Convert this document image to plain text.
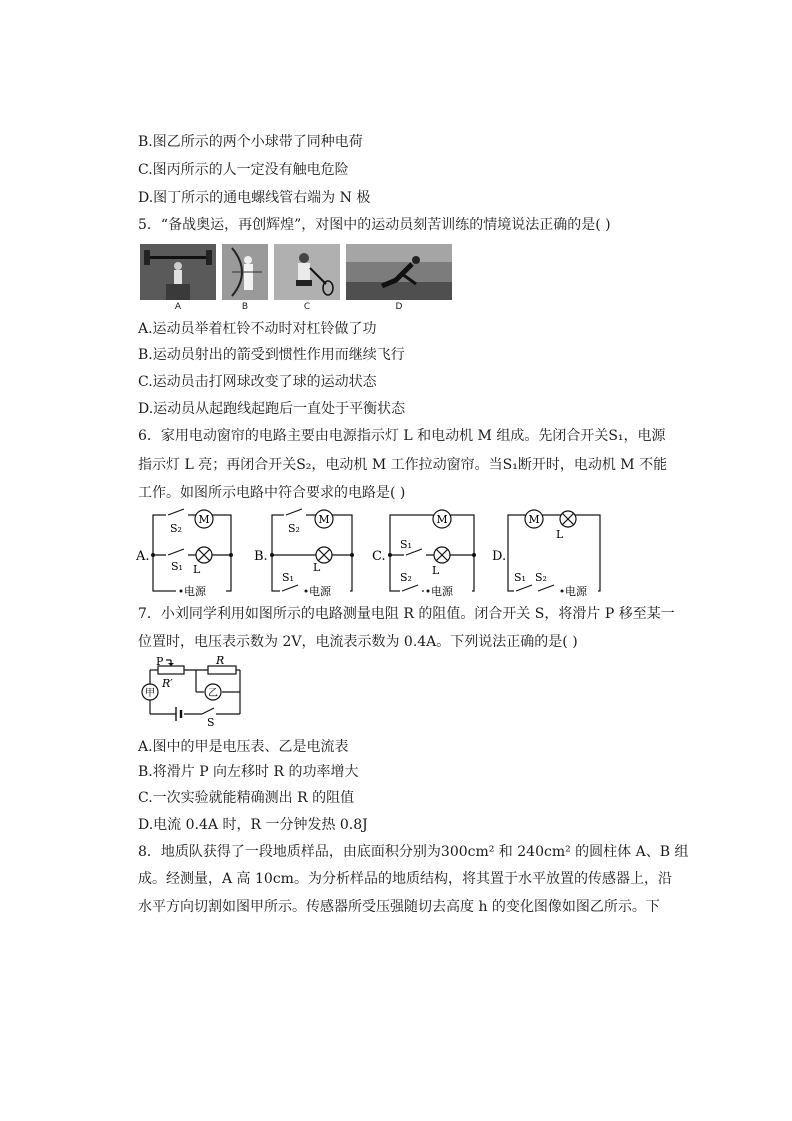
B.图乙所示的两个小球带了同种电荷
C.图丙所示的人一定没有触电危险
D.图丁所示的通电螺线管右端为 N 极
5．“备战奥运，再创辉煌”，对图中的运动员刻苦训练的情境说法正确的是( )
A	B	C	D
A.运动员举着杠铃不动时对杠铃做了功
B.运动员射出的箭受到惯性作用而继续飞行
C.运动员击打网球改变了球的运动状态
D.运动员从起跑线起跑后一直处于平衡状态
6．家用电动窗帘的电路主要由电源指示灯 L 和电动机 M 组成。先闭合开关S₁，电源
指示灯 L 亮；再闭合开关S₂，电动机 M 工作拉动窗帘。当S₁断开时，电动机 M 不能
工作。如图所示电路中符合要求的电路是( )
M
S₂
S₁ L
电源
A.
M
S₂
L
S₁
电源
B.
M
S₁
L
S₂
电源
C.
M
L
S₁ S₂
电源
D.
7．小刘同学利用如图所示的电路测量电阻 R 的阻值。闭合开关 S，将滑片 P 移至某一
位置时，电压表示数为 2V，电流表示数为 0.4A。下列说法正确的是( )
甲	乙
P	R
R′
S
A.图中的甲是电压表、乙是电流表
B.将滑片 P 向左移时 R 的功率增大
C.一次实验就能精确测出 R 的阻值
D.电流 0.4A 时，R 一分钟发热 0.8J
8．地质队获得了一段地质样品，由底面积分别为300cm² 和 240cm² 的圆柱体 A、B 组
成。经测量，A 高 10cm。为分析样品的地质结构，将其置于水平放置的传感器上，沿
水平方向切割如图甲所示。传感器所受压强随切去高度 h 的变化图像如图乙所示。下
